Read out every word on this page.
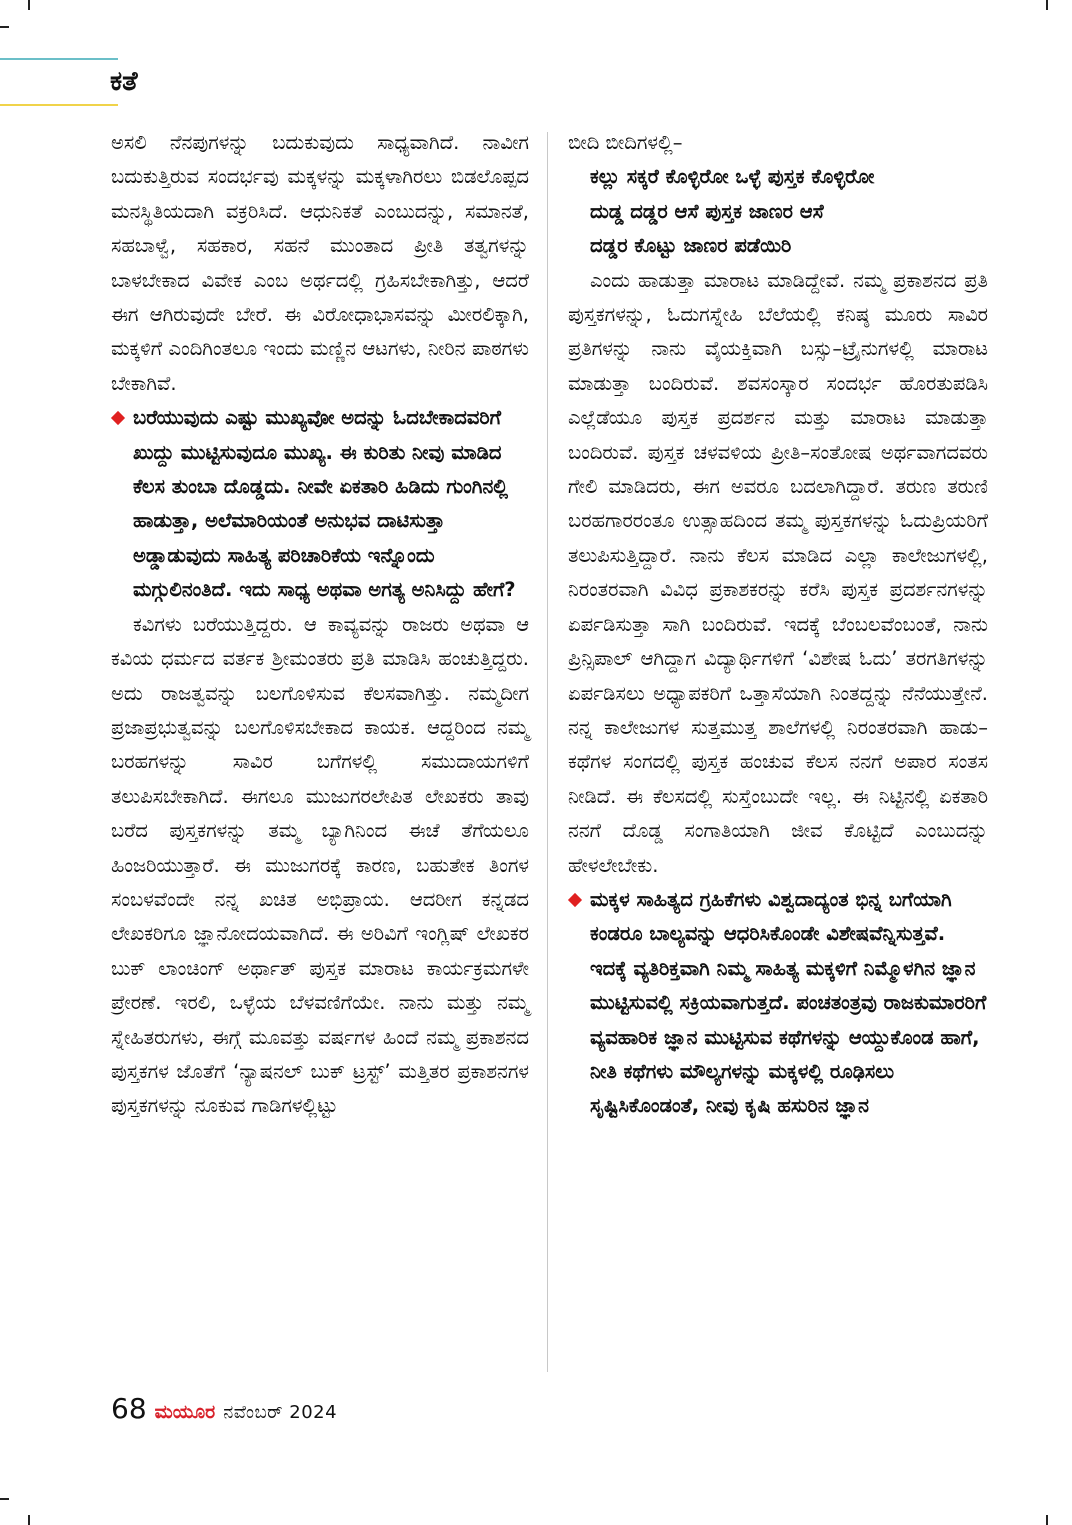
ಕತೆ

ಅಸಲಿ ನೆನಪುಗಳನ್ನು ಬದುಕುವುದು ಸಾಧ್ಯವಾಗಿದೆ. ನಾವೀಗ ಬದುಕುತ್ತಿರುವ ಸಂದರ್ಭವು ಮಕ್ಕಳನ್ನು ಮಕ್ಕಳಾಗಿರಲು ಬಿಡಲೊಪ್ಪದ ಮನಸ್ಥಿತಿಯದಾಗಿ ವಕ್ರರಿಸಿದೆ. ಆಧುನಿಕತೆ ಎಂಬುದನ್ನು, ಸಮಾನತೆ, ಸಹಬಾಳ್ವೆ, ಸಹಕಾರ, ಸಹನೆ ಮುಂತಾದ ಪ್ರೀತಿ ತತ್ವಗಳನ್ನು ಬಾಳಬೇಕಾದ ವಿವೇಕ ಎಂಬ ಅರ್ಥದಲ್ಲಿ ಗ್ರಹಿಸಬೇಕಾಗಿತ್ತು, ಆದರೆ ಈಗ ಆಗಿರುವುದೇ ಬೇರೆ. ಈ ವಿರೋಧಾಭಾಸವನ್ನು ಮೀರಲಿಕ್ಕಾಗಿ, ಮಕ್ಕಳಿಗೆ ಎಂದಿಗಿಂತಲೂ ಇಂದು ಮಣ್ಣಿನ ಆಟಗಳು, ನೀರಿನ ಪಾಠಗಳು ಬೇಕಾಗಿವೆ.

ಬರೆಯುವುದು ಎಷ್ಟು ಮುಖ್ಯವೋ ಅದನ್ನು ಓದಬೇಕಾದವರಿಗೆ ಖುದ್ದು ಮುಟ್ಟಿಸುವುದೂ ಮುಖ್ಯ. ಈ ಕುರಿತು ನೀವು ಮಾಡಿದ ಕೆಲಸ ತುಂಬಾ ದೊಡ್ಡದು. ನೀವೇ ಏಕತಾರಿ ಹಿಡಿದು ಗುಂಗಿನಲ್ಲಿ ಹಾಡುತ್ತಾ, ಅಲೆಮಾರಿಯಂತೆ ಅನುಭವ ದಾಟಿಸುತ್ತಾ ಅಡ್ಡಾಡುವುದು ಸಾಹಿತ್ಯ ಪರಿಚಾರಿಕೆಯ ಇನ್ನೊಂದು ಮಗ್ಗುಲಿನಂತಿದೆ. ಇದು ಸಾಧ್ಯ ಅಥವಾ ಅಗತ್ಯ ಅನಿಸಿದ್ದು ಹೇಗೆ?

ಕವಿಗಳು ಬರೆಯುತ್ತಿದ್ದರು. ಆ ಕಾವ್ಯವನ್ನು ರಾಜರು ಅಥವಾ ಆ ಕವಿಯ ಧರ್ಮದ ವರ್ತಕ ಶ್ರೀಮಂತರು ಪ್ರತಿ ಮಾಡಿಸಿ ಹಂಚುತ್ತಿದ್ದರು. ಅದು ರಾಜತ್ವವನ್ನು ಬಲಗೊಳಿಸುವ ಕೆಲಸವಾಗಿತ್ತು. ನಮ್ಮದೀಗ ಪ್ರಜಾಪ್ರಭುತ್ವವನ್ನು ಬಲಗೊಳಿಸಬೇಕಾದ ಕಾಯಕ. ಆದ್ದರಿಂದ ನಮ್ಮ ಬರಹಗಳನ್ನು ಸಾವಿರ ಬಗೆಗಳಲ್ಲಿ ಸಮುದಾಯಗಳಿಗೆ ತಲುಪಿಸಬೇಕಾಗಿದೆ. ಈಗಲೂ ಮುಜುಗರಲೇಪಿತ ಲೇಖಕರು ತಾವು ಬರೆದ ಪುಸ್ತಕಗಳನ್ನು ತಮ್ಮ ಬ್ಯಾಗಿನಿಂದ ಈಚೆ ತೆಗೆಯಲೂ ಹಿಂಜರಿಯುತ್ತಾರೆ. ಈ ಮುಜುಗರಕ್ಕೆ ಕಾರಣ, ಬಹುತೇಕ ತಿಂಗಳ ಸಂಬಳವೆಂದೇ ನನ್ನ ಖಚಿತ ಅಭಿಪ್ರಾಯ. ಆದರೀಗ ಕನ್ನಡದ ಲೇಖಕರಿಗೂ ಜ್ಞಾನೋದಯವಾಗಿದೆ. ಈ ಅರಿವಿಗೆ ಇಂಗ್ಲಿಷ್ ಲೇಖಕರ ಬುಕ್ ಲಾಂಚಿಂಗ್ ಅರ್ಥಾತ್ ಪುಸ್ತಕ ಮಾರಾಟ ಕಾರ್ಯಕ್ರಮಗಳೇ ಪ್ರೇರಣೆ. ಇರಲಿ, ಒಳ್ಳೆಯ ಬೆಳವಣಿಗೆಯೇ. ನಾನು ಮತ್ತು ನಮ್ಮ ಸ್ನೇಹಿತರುಗಳು, ಈಗ್ಗೆ ಮೂವತ್ತು ವರ್ಷಗಳ ಹಿಂದೆ ನಮ್ಮ ಪ್ರಕಾಶನದ ಪುಸ್ತಕಗಳ ಜೊತೆಗೆ ‘ನ್ಯಾಷನಲ್ ಬುಕ್ ಟ್ರಸ್ಟ್’ ಮತ್ತಿತರ ಪ್ರಕಾಶನಗಳ ಪುಸ್ತಕಗಳನ್ನು ನೂಕುವ ಗಾಡಿಗಳಲ್ಲಿಟ್ಟು

ಬೀದಿ ಬೀದಿಗಳಲ್ಲಿ–

ಕಲ್ಲು ಸಕ್ಕರೆ ಕೊಳ್ಳಿರೋ ಒಳ್ಳೆ ಪುಸ್ತಕ ಕೊಳ್ಳಿರೋ

ದುಡ್ಡ ದಡ್ಡರ ಆಸೆ ಪುಸ್ತಕ ಜಾಣರ ಆಸೆ

ದಡ್ಡರ ಕೊಟ್ಟು ಜಾಣರ ಪಡೆಯಿರಿ

ಎಂದು ಹಾಡುತ್ತಾ ಮಾರಾಟ ಮಾಡಿದ್ದೇವೆ. ನಮ್ಮ ಪ್ರಕಾಶನದ ಪ್ರತಿ ಪುಸ್ತಕಗಳನ್ನು, ಓದುಗಸ್ನೇಹಿ ಬೆಲೆಯಲ್ಲಿ ಕನಿಷ್ಠ ಮೂರು ಸಾವಿರ ಪ್ರತಿಗಳನ್ನು ನಾನು ವೈಯಕ್ತಿವಾಗಿ ಬಸ್ಸು–ಟ್ರೈನುಗಳಲ್ಲಿ ಮಾರಾಟ ಮಾಡುತ್ತಾ ಬಂದಿರುವೆ. ಶವಸಂಸ್ಕಾರ ಸಂದರ್ಭ ಹೊರತುಪಡಿಸಿ ಎಲ್ಲೆಡೆಯೂ ಪುಸ್ತಕ ಪ್ರದರ್ಶನ ಮತ್ತು ಮಾರಾಟ ಮಾಡುತ್ತಾ ಬಂದಿರುವೆ. ಪುಸ್ತಕ ಚಳವಳಿಯ ಪ್ರೀತಿ–ಸಂತೋಷ ಅರ್ಥವಾಗದವರು ಗೇಲಿ ಮಾಡಿದರು, ಈಗ ಅವರೂ ಬದಲಾಗಿದ್ದಾರೆ. ತರುಣ ತರುಣಿ ಬರಹಗಾರರಂತೂ ಉತ್ಸಾಹದಿಂದ ತಮ್ಮ ಪುಸ್ತಕಗಳನ್ನು ಓದುಪ್ರಿಯರಿಗೆ ತಲುಪಿಸುತ್ತಿದ್ದಾರೆ. ನಾನು ಕೆಲಸ ಮಾಡಿದ ಎಲ್ಲಾ ಕಾಲೇಜುಗಳಲ್ಲಿ, ನಿರಂತರವಾಗಿ ವಿವಿಧ ಪ್ರಕಾಶಕರನ್ನು ಕರೆಸಿ ಪುಸ್ತಕ ಪ್ರದರ್ಶನಗಳನ್ನು ಏರ್ಪಡಿಸುತ್ತಾ ಸಾಗಿ ಬಂದಿರುವೆ. ಇದಕ್ಕೆ ಬೆಂಬಲವೆಂಬಂತೆ, ನಾನು ಪ್ರಿನ್ಸಿಪಾಲ್ ಆಗಿದ್ದಾಗ ವಿದ್ಯಾರ್ಥಿಗಳಿಗೆ ‘ವಿಶೇಷ ಓದು’ ತರಗತಿಗಳನ್ನು ಏರ್ಪಡಿಸಲು ಅಧ್ಯಾಪಕರಿಗೆ ಒತ್ತಾಸೆಯಾಗಿ ನಿಂತದ್ದನ್ನು ನೆನೆಯುತ್ತೇನೆ. ನನ್ನ ಕಾಲೇಜುಗಳ ಸುತ್ತಮುತ್ತ ಶಾಲೆಗಳಲ್ಲಿ ನಿರಂತರವಾಗಿ ಹಾಡು–ಕಥೆಗಳ ಸಂಗದಲ್ಲಿ ಪುಸ್ತಕ ಹಂಚುವ ಕೆಲಸ ನನಗೆ ಅಪಾರ ಸಂತಸ ನೀಡಿದೆ. ಈ ಕೆಲಸದಲ್ಲಿ ಸುಸ್ತೆಂಬುದೇ ಇಲ್ಲ. ಈ ನಿಟ್ಟಿನಲ್ಲಿ ಏಕತಾರಿ ನನಗೆ ದೊಡ್ಡ ಸಂಗಾತಿಯಾಗಿ ಜೀವ ಕೊಟ್ಟಿದೆ ಎಂಬುದನ್ನು ಹೇಳಲೇಬೇಕು.

ಮಕ್ಕಳ ಸಾಹಿತ್ಯದ ಗ್ರಹಿಕೆಗಳು ವಿಶ್ವದಾದ್ಯಂತ ಭಿನ್ನ ಬಗೆಯಾಗಿ ಕಂಡರೂ ಬಾಲ್ಯವನ್ನು ಆಧರಿಸಿಕೊಂಡೇ ವಿಶೇಷವೆನ್ನಿಸುತ್ತವೆ. ಇದಕ್ಕೆ ವ್ಯತಿರಿಕ್ತವಾಗಿ ನಿಮ್ಮ ಸಾಹಿತ್ಯ ಮಕ್ಕಳಿಗೆ ನಿಮ್ಮೊಳಗಿನ ಜ್ಞಾನ ಮುಟ್ಟಿಸುವಲ್ಲಿ ಸಕ್ರಿಯವಾಗುತ್ತದೆ. ಪಂಚತಂತ್ರವು ರಾಜಕುಮಾರರಿಗೆ ವ್ಯವಹಾರಿಕ ಜ್ಞಾನ ಮುಟ್ಟಿಸುವ ಕಥೆಗಳನ್ನು ಆಯ್ದುಕೊಂಡ ಹಾಗೆ, ನೀತಿ ಕಥೆಗಳು ಮೌಲ್ಯಗಳನ್ನು ಮಕ್ಕಳಲ್ಲಿ ರೂಢಿಸಲು ಸೃಷ್ಟಿಸಿಕೊಂಡಂತೆ, ನೀವು ಕೃಷಿ ಹಸುರಿನ ಜ್ಞಾನ
68 ಮಯೂರ ನವೆಂಬರ್ 2024
